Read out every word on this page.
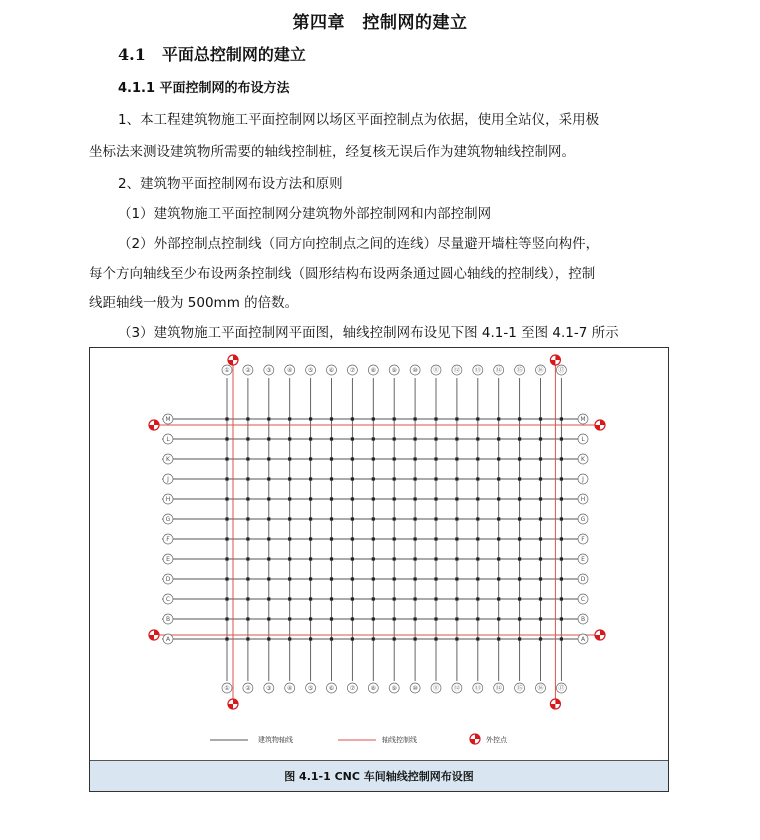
第四章　控制网的建立
4.1　平面总控制网的建立
4.1.1 平面控制网的布设方法
1、本工程建筑物施工平面控制网以场区平面控制点为依据，使用全站仪，采用极
坐标法来测设建筑物所需要的轴线控制桩，经复核无误后作为建筑物轴线控制网。
2、建筑物平面控制网布设方法和原则
（1）建筑物施工平面控制网分建筑物外部控制网和内部控制网
（2）外部控制点控制线（同方向控制点之间的连线）尽量避开墙柱等竖向构件，
每个方向轴线至少布设两条控制线（圆形结构布设两条通过圆心轴线的控制线），控制
线距轴线一般为 500mm 的倍数。
（3）建筑物施工平面控制网平面图，轴线控制网布设见下图 4.1-1 至图 4.1-7 所示
①
①
②
②
③
③
④
④
⑤
⑤
⑥
⑥
⑦
⑦
⑧
⑧
⑨
⑨
⑩
⑩
⑪
⑪
⑫
⑫
⑬
⑬
⑭
⑭
⑮
⑮
⑯
⑯
⑰
⑰
M	M
L	L
K	K
J	J
H	H
G	G
F	F
E	E
D	D
C	C
B	B
A	A
建筑物轴线	轴线控制线	外控点
图 4.1-1 CNC 车间轴线控制网布设图
